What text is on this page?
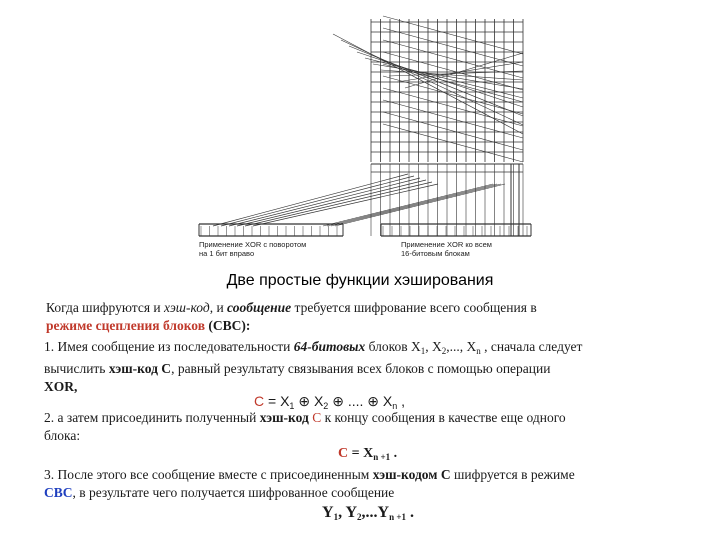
Применение XOR с поворотом
на 1 бит вправо
Применение XOR ко всем
16-битовым блокам
Две простые функции хэширования
Когда шифруются и хэш-код, и сообщение требуется шифрование всего сообщения в
режиме сцепления блоков (CBC):
1. Имея сообщение из последовательности 64-битовых блоков $X_1$, $X_2$,..., $X_n$ , сначала следует
вычислить хэш-код C, равный результату связывания всех блоков с помощью операции
XOR,
$C = X_1$ ⊕ $X_2$ ⊕ .... ⊕ $X_n$ ,
2. а затем присоединить полученный хэш-код C к концу сообщения в качестве еще одного
блока:
$C = X_{n +1}$ .
3. После этого все сообщение вместе с присоединенным хэш-кодом C шифруется в режиме
CBC, в результате чего получается шифрованное сообщение
$Y_1$, $Y_2,...Y_{n +1}$ .
